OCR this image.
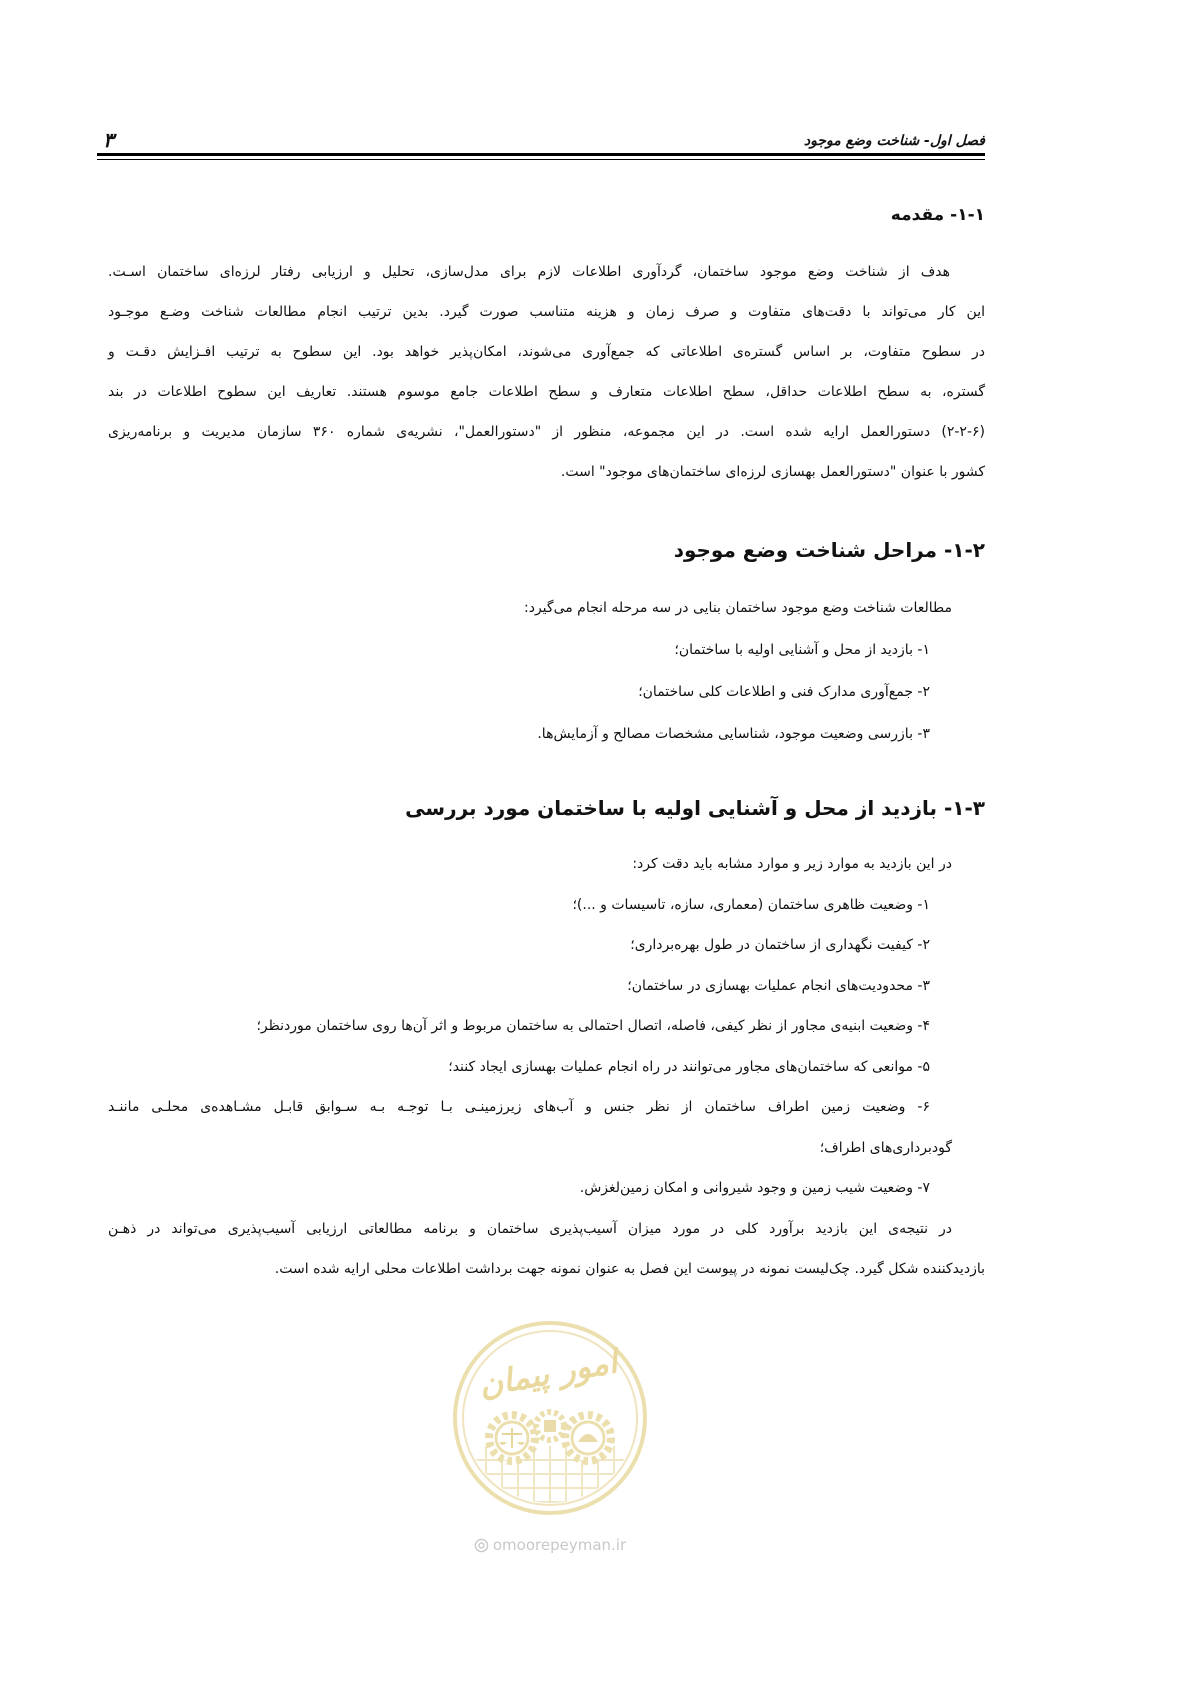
فصل اول- شناخت وضع موجود
۳
۱-۱- مقدمه
هدف از شناخت وضع موجود ساختمان، گردآوری اطلاعات لازم برای مدل‌سازی، تحلیل و ارزیابی رفتار لرزه‌ای ساختمان اسـت.
این کار می‌تواند با دقت‌های متفاوت و صرف زمان و هزینه متناسب صورت گیرد. بدین ترتیب انجام مطالعات شناخت وضـع موجـود
در سطوح متفاوت، بر اساس گستره‌ی اطلاعاتی که جمع‌آوری می‌شوند، امکان‌پذیر خواهد بود. این سطوح به ترتیب افـزایش دقـت و
گستره، به سطح اطلاعات حداقل، سطح اطلاعات متعارف و سطح اطلاعات جامع موسوم هستند. تعاریف این سطوح اطلاعات در بند
(۲-۲-۶) دستورالعمل ارایه شده است. در این مجموعه، منظور از "دستورالعمل"، نشریه‌ی شماره ۳۶۰ سازمان مدیریت و برنامه‌ریزی
کشور با عنوان "دستورالعمل بهسازی لرزه‌ای ساختمان‌های موجود" است.
۱-۲- مراحل شناخت وضع موجود
مطالعات شناخت وضع موجود ساختمان بنایی در سه مرحله انجام می‌گیرد:
۱- بازدید از محل و آشنایی اولیه با ساختمان؛
۲- جمع‌آوری مدارک فنی و اطلاعات کلی ساختمان؛
۳- بازرسی وضعیت موجود، شناسایی مشخصات مصالح و آزمایش‌ها.
۱-۳- بازدید از محل و آشنایی اولیه با ساختمان مورد بررسی
در این بازدید به موارد زیر و موارد مشابه باید دقت کرد:
۱- وضعیت ظاهری ساختمان (معماری، سازه، تاسیسات و ...)؛
۲- کیفیت نگهداری از ساختمان در طول بهره‌برداری؛
۳- محدودیت‌های انجام عملیات بهسازی در ساختمان؛
۴- وضعیت ابنیه‌ی مجاور از نظر کیفی، فاصله، اتصال احتمالی به ساختمان مربوط و اثر آن‌ها روی ساختمان موردنظر؛
۵- موانعی که ساختمان‌های مجاور می‌توانند در راه انجام عملیات بهسازی ایجاد کنند؛
۶- وضعیت زمین اطراف ساختمان از نظر جنس و آب‌های زیرزمینـی بـا توجـه بـه سـوابق قابـل مشـاهده‌ی محلـی ماننـد
گودبرداری‌های اطراف؛
۷- وضعیت شیب زمین و وجود شیروانی و امکان زمین‌لغزش.
در نتیجه‌ی این بازدید برآورد کلی در مورد میزان آسیب‌پذیری ساختمان و برنامه مطالعاتی ارزیابی آسیب‌پذیری می‌تواند در ذهـن
بازدیدکننده شکل گیرد. چک‌لیست نمونه در پیوست این فصل به عنوان نمونه جهت برداشت اطلاعات محلی ارایه شده است.
امور پیمان
omoorepeyman.ir
